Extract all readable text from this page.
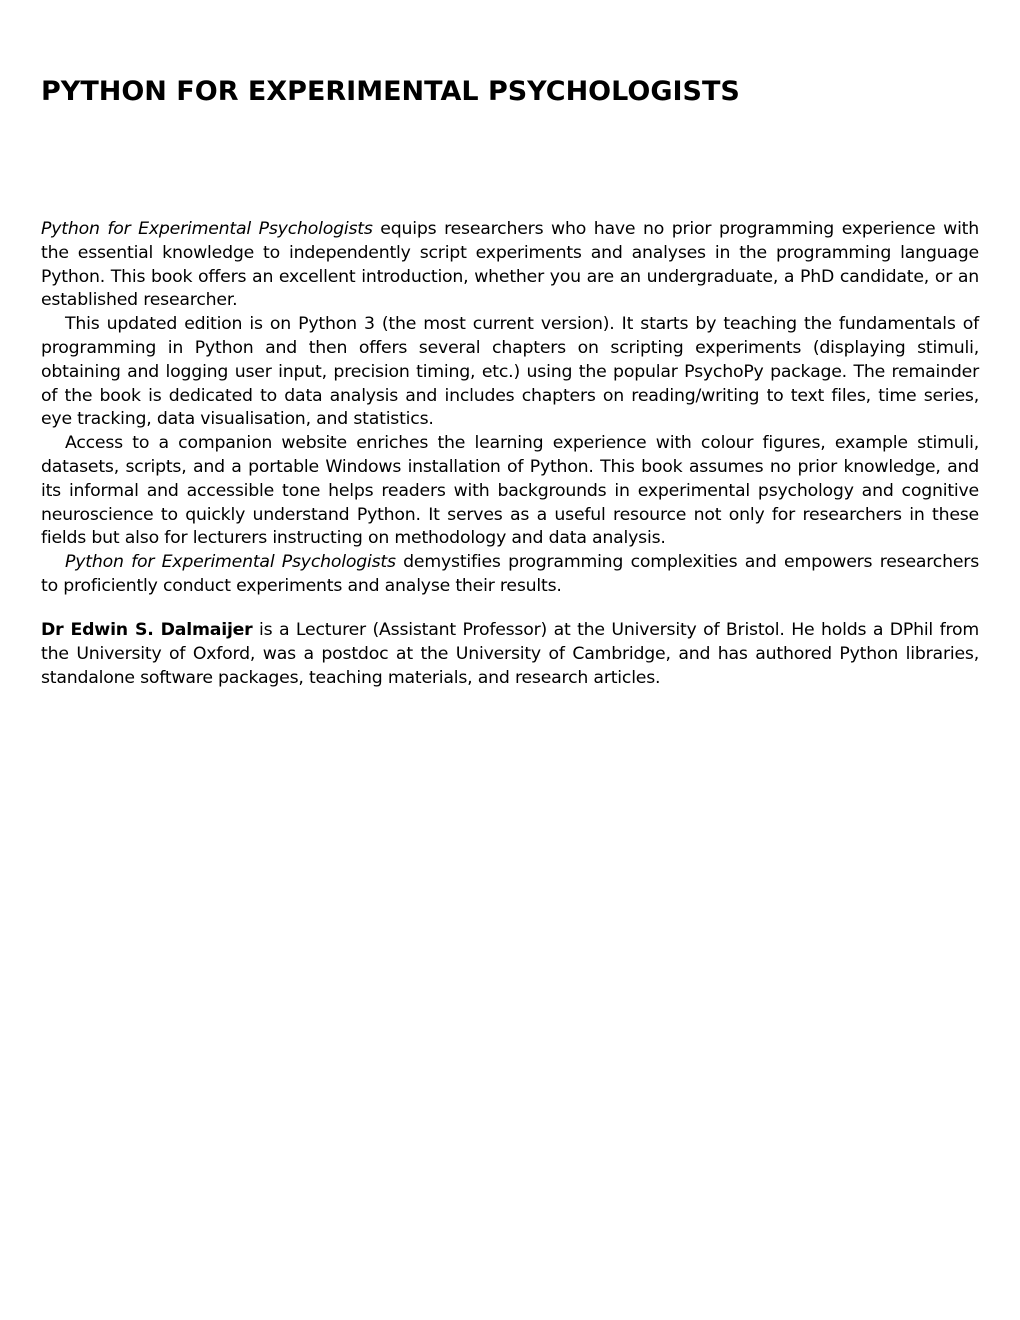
PYTHON FOR EXPERIMENTAL PSYCHOLOGISTS

Python for Experimental Psychologists equips researchers who have no prior programming experience with the essential knowledge to independently script experiments and analyses in the programming language Python. This book offers an excellent introduction, whether you are an undergraduate, a PhD candidate, or an established researcher.

This updated edition is on Python 3 (the most current version). It starts by teaching the fundamentals of programming in Python and then offers several chapters on scripting experiments (displaying stimuli, obtaining and logging user input, precision timing, etc.) using the popular PsychoPy package. The remainder of the book is dedicated to data analysis and includes chapters on reading/writing to text files, time series, eye tracking, data visualisation, and statistics.

Access to a companion website enriches the learning experience with colour figures, example stimuli, datasets, scripts, and a portable Windows installation of Python. This book assumes no prior knowledge, and its informal and accessible tone helps readers with backgrounds in experimental psychology and cognitive neuroscience to quickly understand Python. It serves as a useful resource not only for researchers in these fields but also for lecturers instructing on methodology and data analysis.

Python for Experimental Psychologists demystifies programming complexities and empowers researchers to proficiently conduct experiments and analyse their results.

Dr Edwin S. Dalmaijer is a Lecturer (Assistant Professor) at the University of Bristol. He holds a DPhil from the University of Oxford, was a postdoc at the University of Cambridge, and has authored Python libraries, standalone software packages, teaching materials, and research articles.
